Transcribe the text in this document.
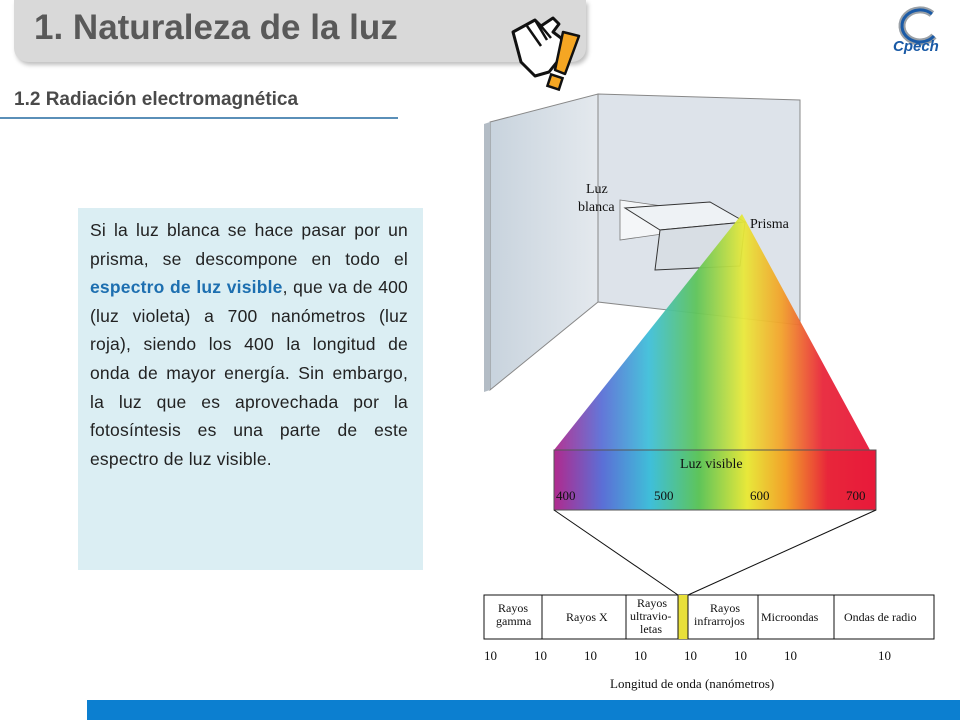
1. Naturaleza de la luz	Cpech
1.2 Radiación electromagnética

Si la luz blanca se hace pasar por un prisma, se descompone en todo el espectro de luz visible, que va de 400 (luz violeta) a 700 nanómetros (luz roja), siendo los 400 la longitud de onda de mayor energía. Sin embargo, la luz que es aprovechada por la fotosíntesis es una parte de este espectro de luz visible.

Luz
blanca
Prisma
Luz visible
400	500	600	700
Rayos
gamma	Rayos X
Rayos
ultravio-
letas
Rayos
infrarrojos Microondas Ondas de radio
10	10	10	10	10	10	10	10
Longitud de onda (nanómetros)
